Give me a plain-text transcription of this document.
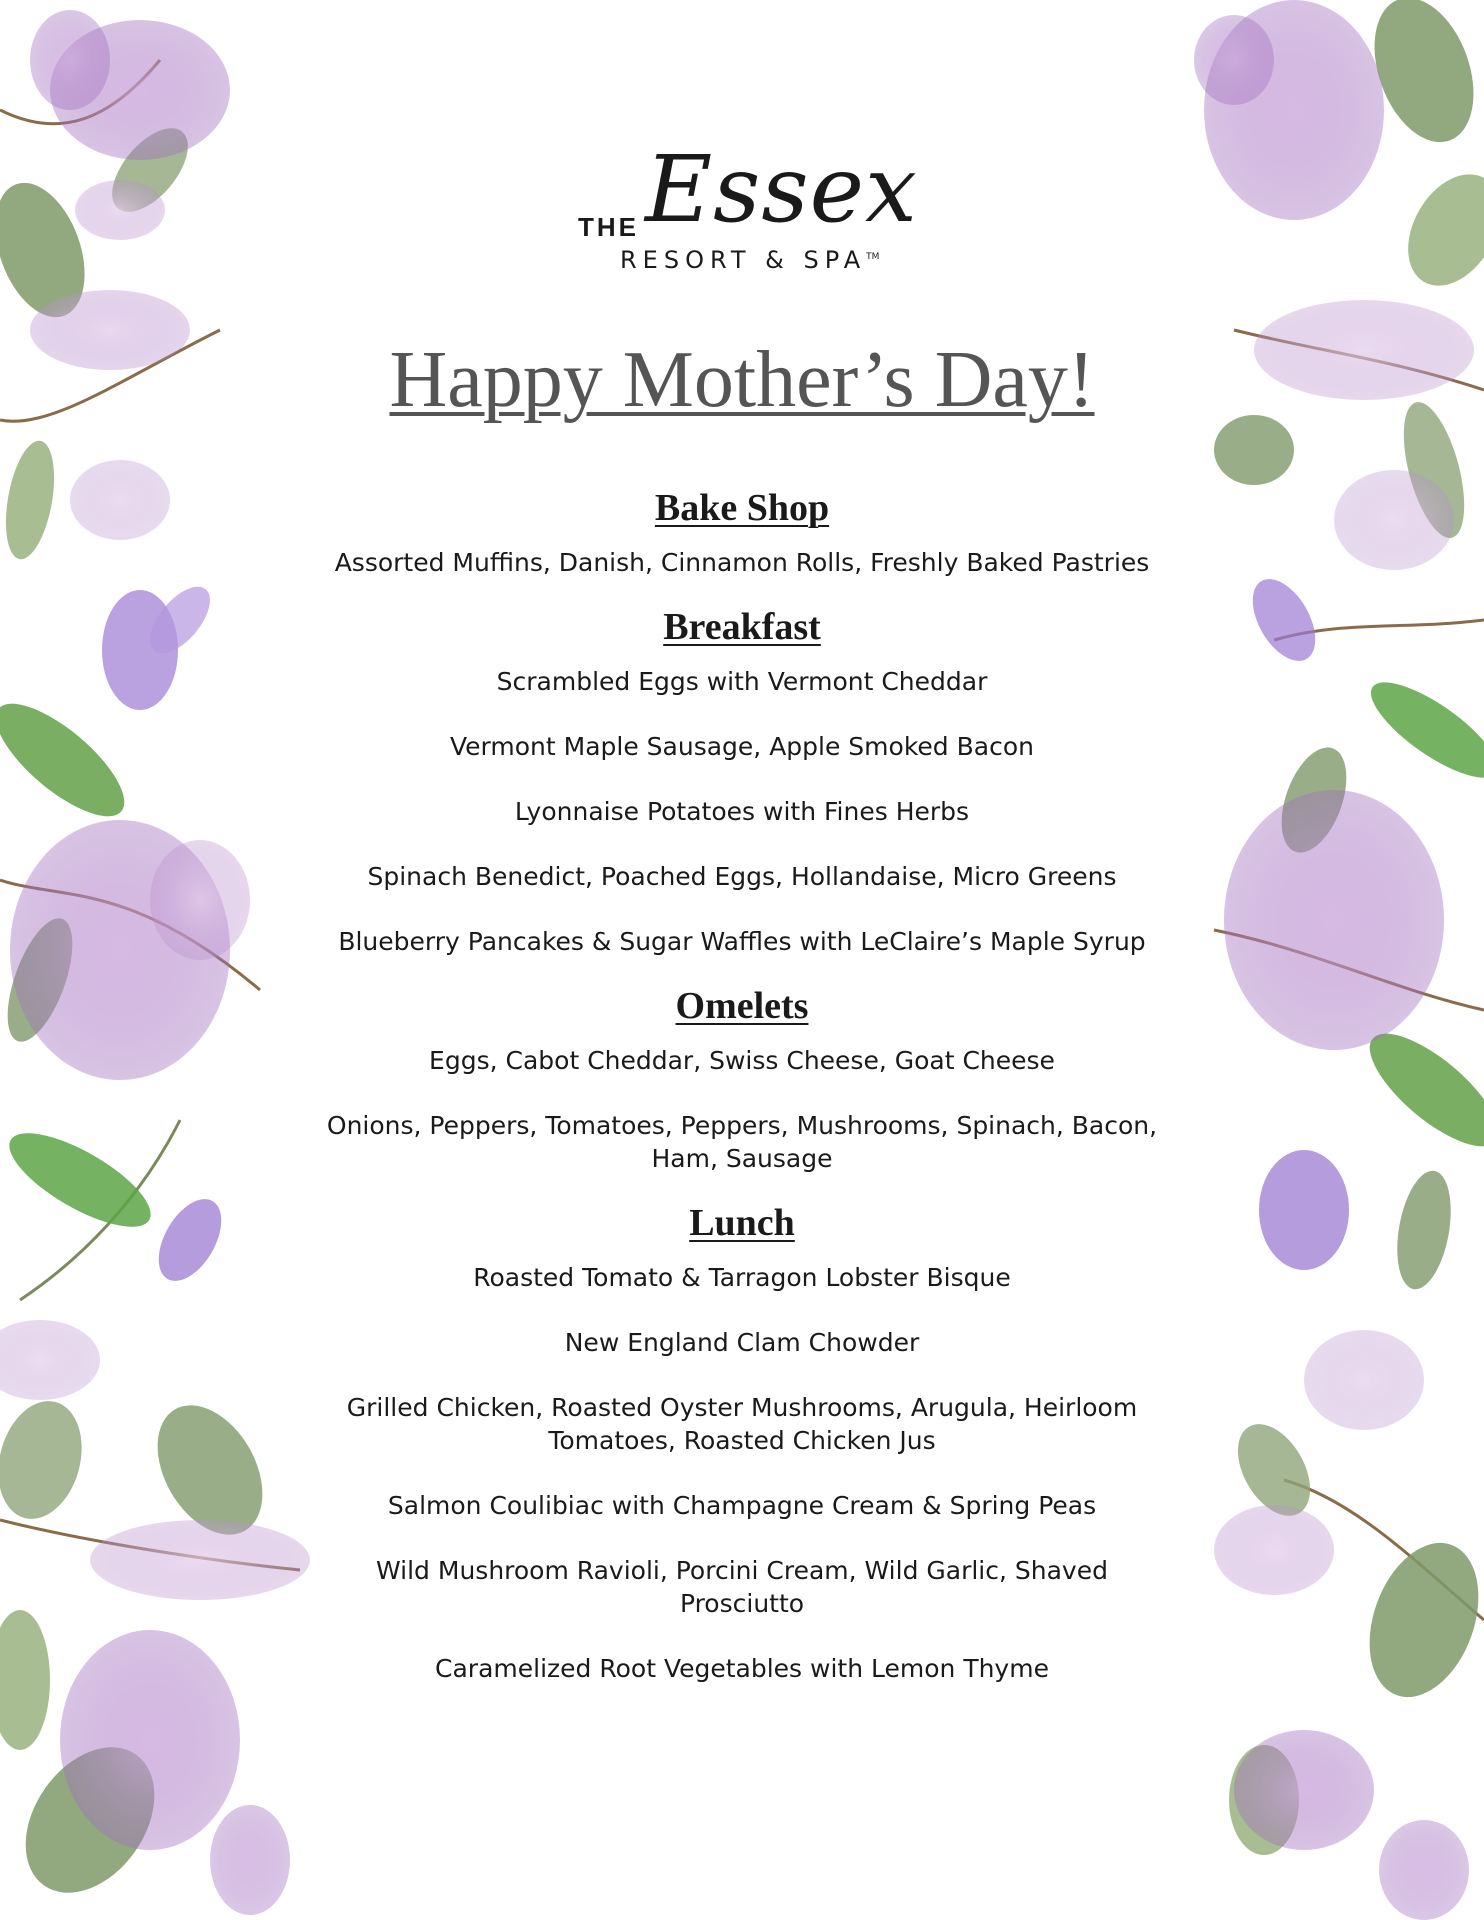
THE Essex
RESORT & SPA™
Happy Mother’s Day!
Bake Shop

Assorted Muffins, Danish, Cinnamon Rolls, Freshly Baked Pastries

Breakfast

Scrambled Eggs with Vermont Cheddar

Vermont Maple Sausage, Apple Smoked Bacon

Lyonnaise Potatoes with Fines Herbs

Spinach Benedict, Poached Eggs, Hollandaise, Micro Greens

Blueberry Pancakes & Sugar Waffles with LeClaire’s Maple Syrup

Omelets

Eggs, Cabot Cheddar, Swiss Cheese, Goat Cheese

Onions, Peppers, Tomatoes, Peppers, Mushrooms, Spinach, Bacon, Ham, Sausage

Lunch

Roasted Tomato & Tarragon Lobster Bisque

New England Clam Chowder

Grilled Chicken, Roasted Oyster Mushrooms, Arugula, Heirloom Tomatoes, Roasted Chicken Jus

Salmon Coulibiac with Champagne Cream & Spring Peas

Wild Mushroom Ravioli, Porcini Cream, Wild Garlic, Shaved Prosciutto

Caramelized Root Vegetables with Lemon Thyme
